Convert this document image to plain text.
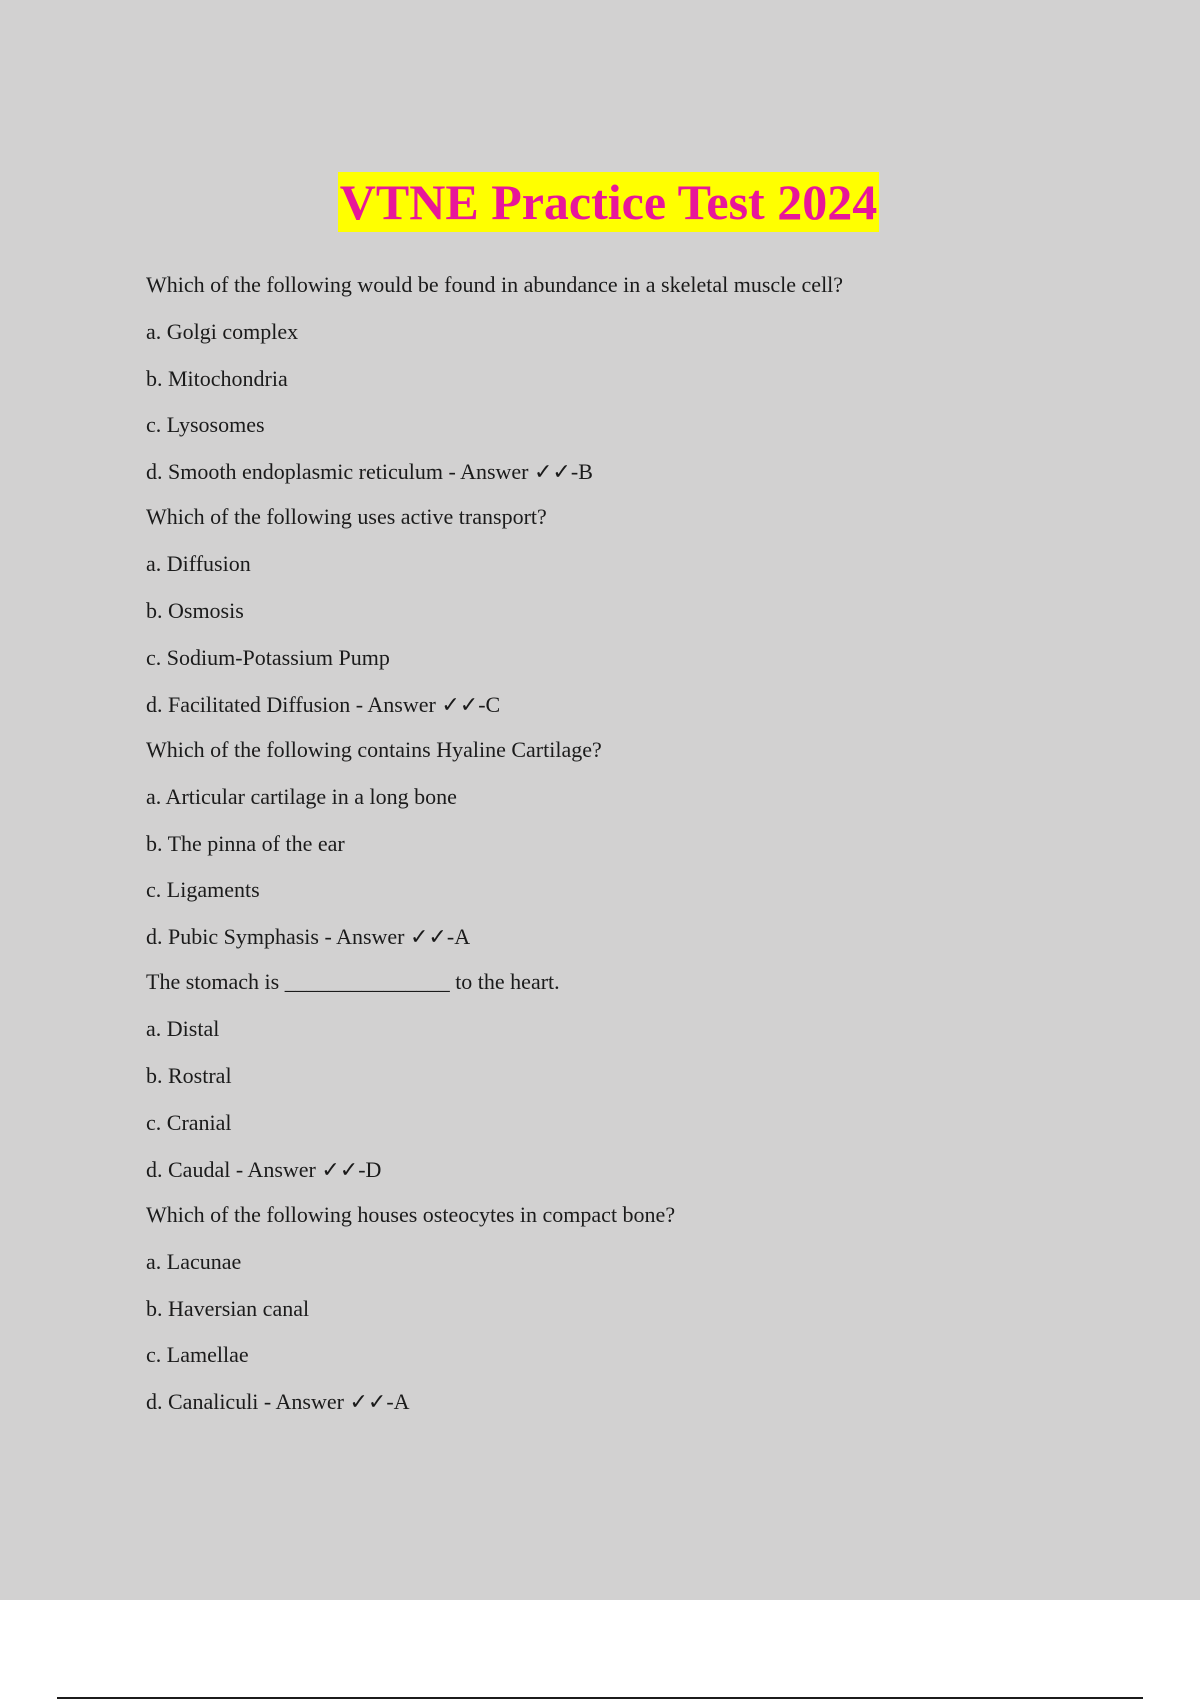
VTNE Practice Test 2024
Which of the following would be found in abundance in a skeletal muscle cell?
a. Golgi complex
b. Mitochondria
c. Lysosomes
d. Smooth endoplasmic reticulum - Answer ✓✓-B
Which of the following uses active transport?
a. Diffusion
b. Osmosis
c. Sodium-Potassium Pump
d. Facilitated Diffusion - Answer ✓✓-C
Which of the following contains Hyaline Cartilage?
a. Articular cartilage in a long bone
b. The pinna of the ear
c. Ligaments
d. Pubic Symphasis - Answer ✓✓-A
The stomach is _______________ to the heart.
a. Distal
b. Rostral
c. Cranial
d. Caudal - Answer ✓✓-D
Which of the following houses osteocytes in compact bone?
a. Lacunae
b. Haversian canal
c. Lamellae
d. Canaliculi - Answer ✓✓-A
